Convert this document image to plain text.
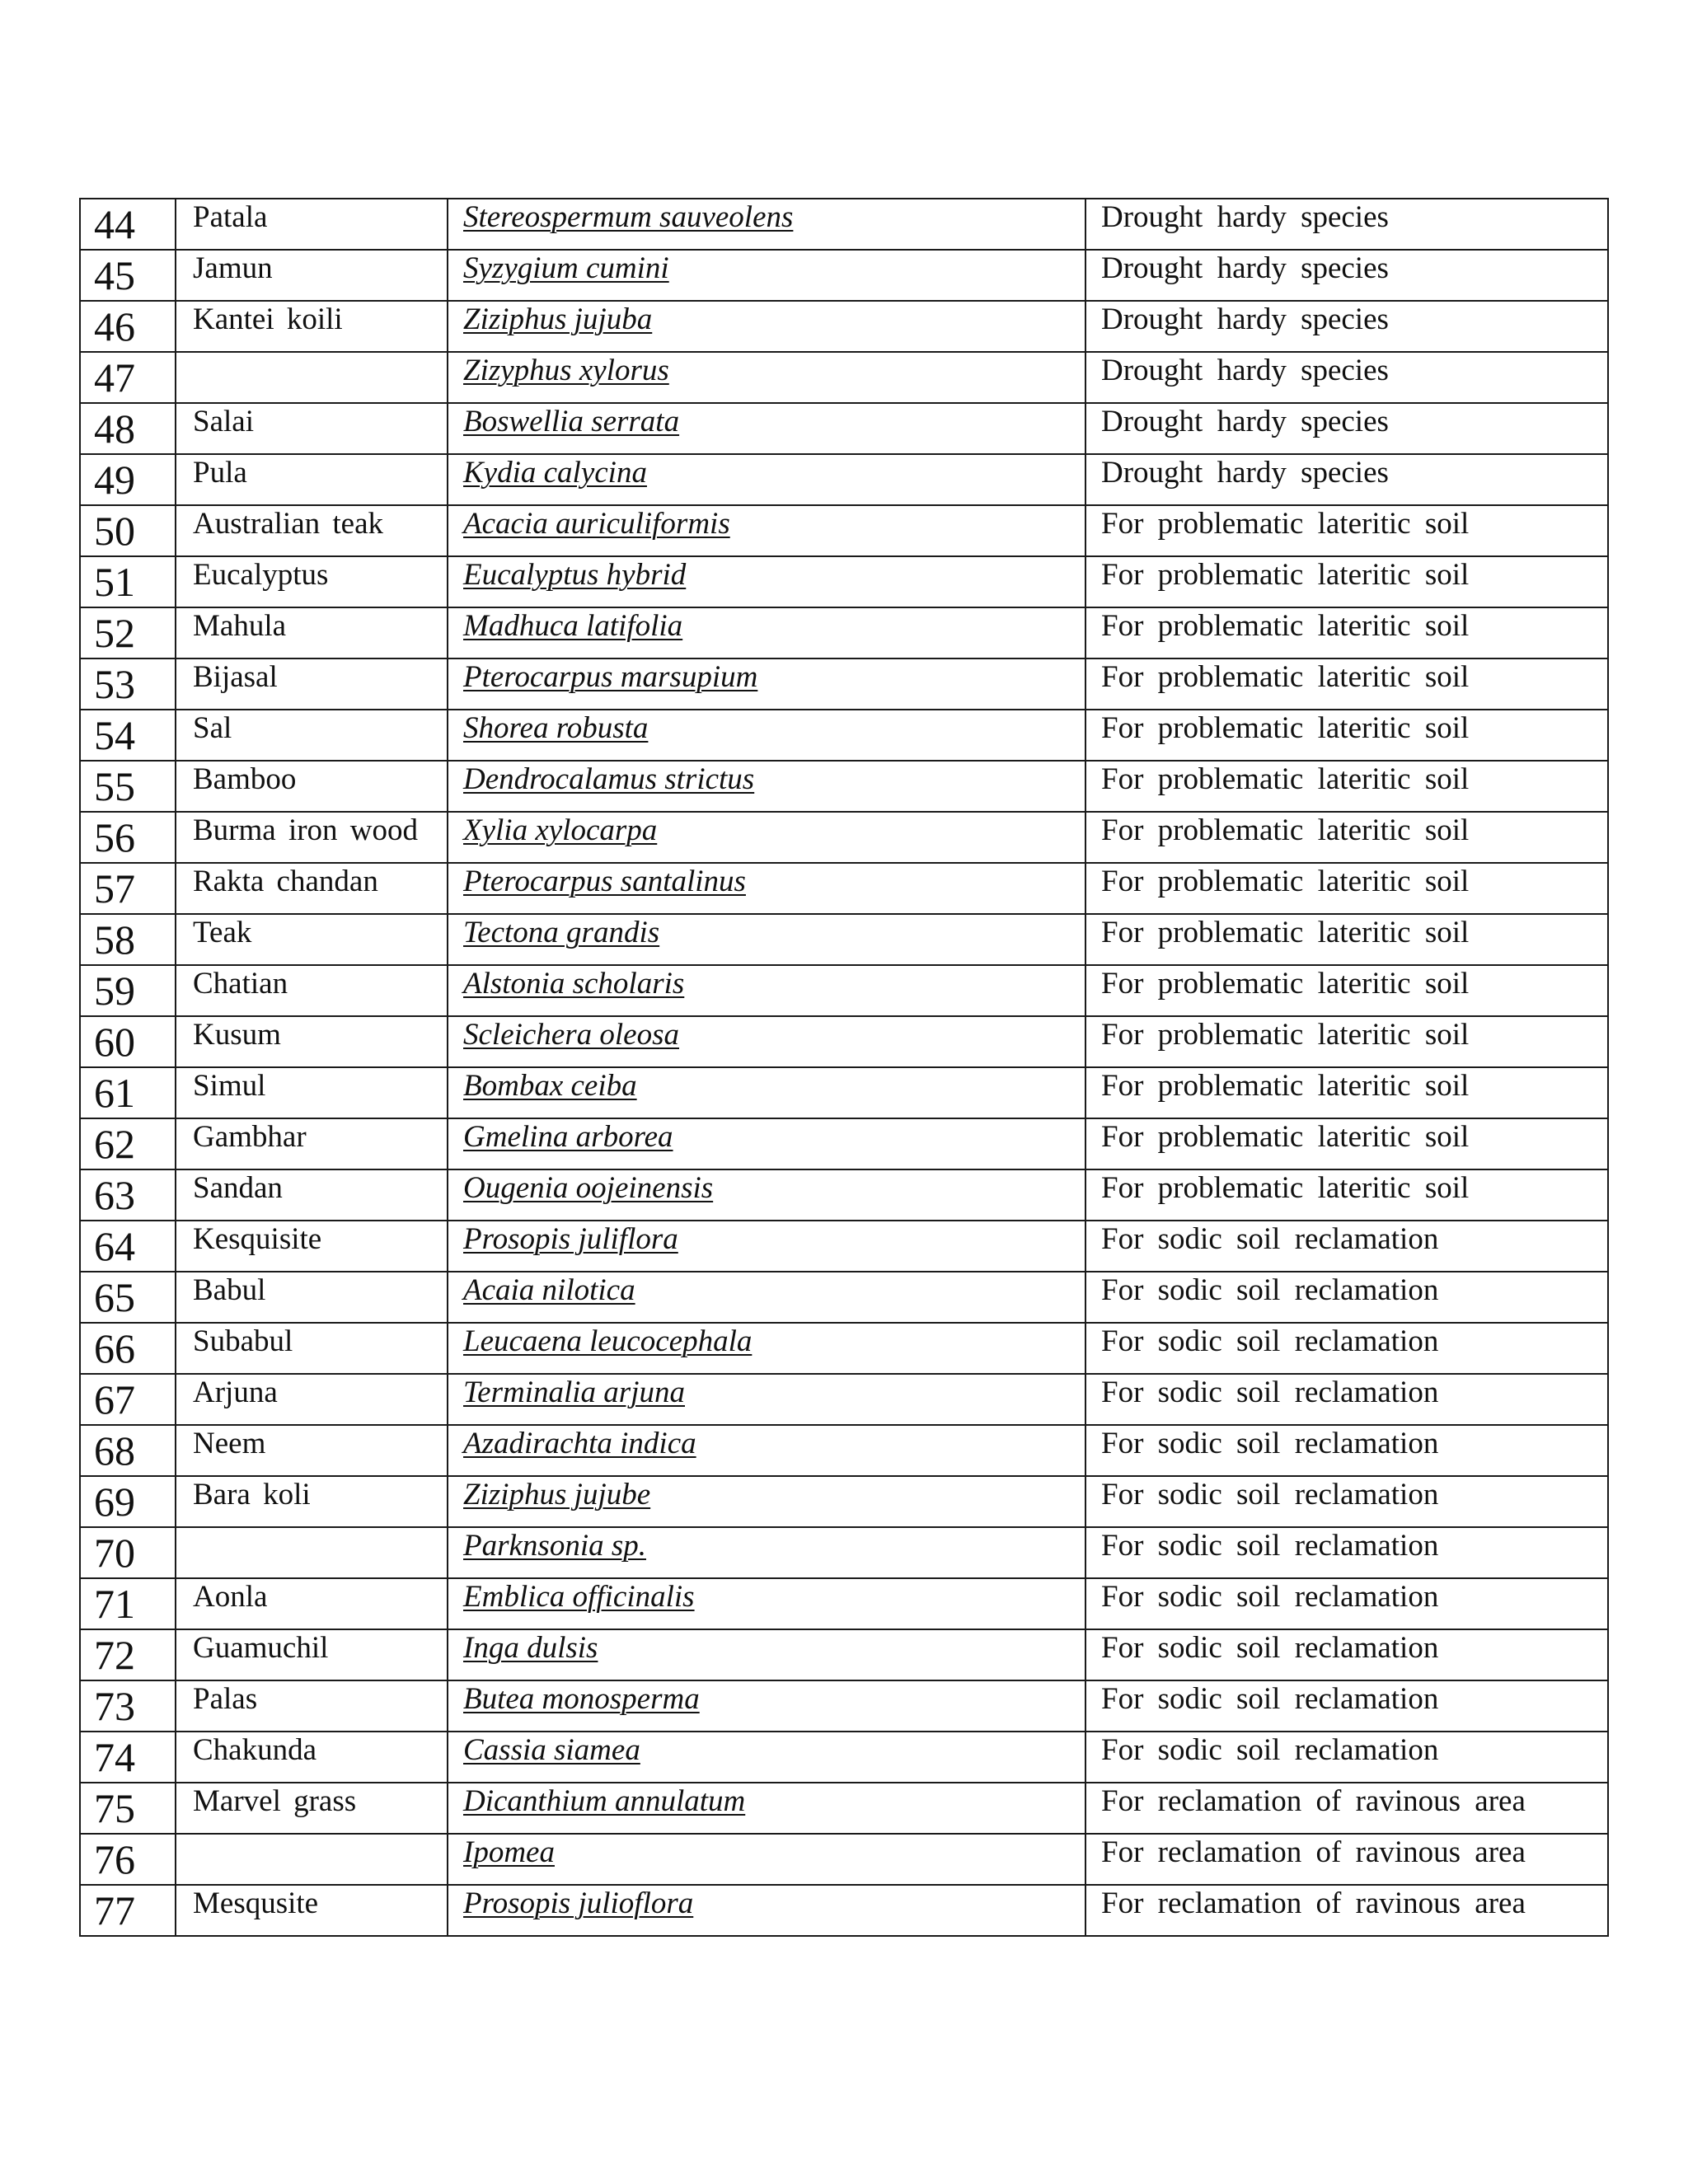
44	Patala	Stereospermum sauveolens	Drought hardy species
45	Jamun	Syzygium cumini	Drought hardy species
46	Kantei koili	Ziziphus jujuba	Drought hardy species
47		Zizyphus xylorus	Drought hardy species
48	Salai	Boswellia serrata	Drought hardy species
49	Pula	Kydia calycina	Drought hardy species
50	Australian teak	Acacia auriculiformis	For problematic lateritic soil
51	Eucalyptus	Eucalyptus hybrid	For problematic lateritic soil
52	Mahula	Madhuca latifolia	For problematic lateritic soil
53	Bijasal	Pterocarpus marsupium	For problematic lateritic soil
54	Sal	Shorea robusta	For problematic lateritic soil
55	Bamboo	Dendrocalamus strictus	For problematic lateritic soil
56	Burma iron wood	Xylia xylocarpa	For problematic lateritic soil
57	Rakta chandan	Pterocarpus santalinus	For problematic lateritic soil
58	Teak	Tectona grandis	For problematic lateritic soil
59	Chatian	Alstonia scholaris	For problematic lateritic soil
60	Kusum	Scleichera oleosa	For problematic lateritic soil
61	Simul	Bombax ceiba	For problematic lateritic soil
62	Gambhar	Gmelina arborea	For problematic lateritic soil
63	Sandan	Ougenia oojeinensis	For problematic lateritic soil
64	Kesquisite	Prosopis juliflora	For sodic soil reclamation
65	Babul	Acaia nilotica	For sodic soil reclamation
66	Subabul	Leucaena leucocephala	For sodic soil reclamation
67	Arjuna	Terminalia arjuna	For sodic soil reclamation
68	Neem	Azadirachta indica	For sodic soil reclamation
69	Bara koli	Ziziphus jujube	For sodic soil reclamation
70		Parknsonia sp.	For sodic soil reclamation
71	Aonla	Emblica officinalis	For sodic soil reclamation
72	Guamuchil	Inga dulsis	For sodic soil reclamation
73	Palas	Butea monosperma	For sodic soil reclamation
74	Chakunda	Cassia siamea	For sodic soil reclamation
75	Marvel grass	Dicanthium annulatum	For reclamation of ravinous area
76		Ipomea	For reclamation of ravinous area
77	Mesqusite	Prosopis julioflora	For reclamation of ravinous area
